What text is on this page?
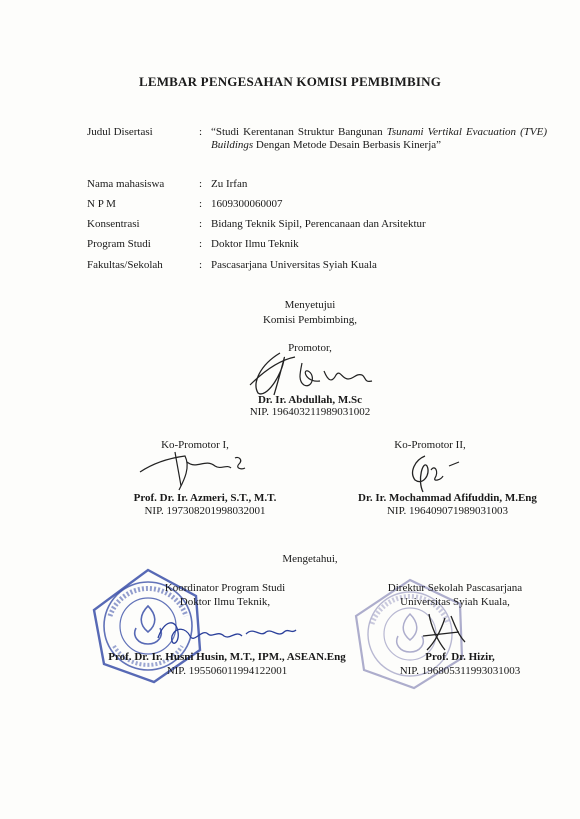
LEMBAR PENGESAHAN KOMISI PEMBIMBING
Judul Disertasi	: “Studi Kerentanan Struktur Bangunan Tsunami Vertikal Evacuation (TVE) Buildings Dengan Metode Desain Berbasis Kinerja”
Nama mahasiswa	: Zu Irfan
N P M	: 1609300060007
Konsentrasi	: Bidang Teknik Sipil, Perencanaan dan Arsitektur
Program Studi	: Doktor Ilmu Teknik
Fakultas/Sekolah	: Pascasarjana Universitas Syiah Kuala
Menyetujui
Komisi Pembimbing,
Promotor,
Dr. Ir. Abdullah, M.Sc
NIP. 196403211989031002
Ko-Promotor I,	Ko-Promotor II,
Prof. Dr. Ir. Azmeri, S.T., M.T.
NIP. 197308201998032001
Dr. Ir. Mochammad Afifuddin, M.Eng
NIP. 196409071989031003
Mengetahui,
Koordinator Program Studi
Doktor Ilmu Teknik,
Prof. Dr. Ir. Husni Husin, M.T., IPM., ASEAN.Eng
NIP. 195506011994122001
Direktur Sekolah Pascasarjana
Universitas Syiah Kuala,
Prof. Dr. Hizir,
NIP. 196805311993031003
